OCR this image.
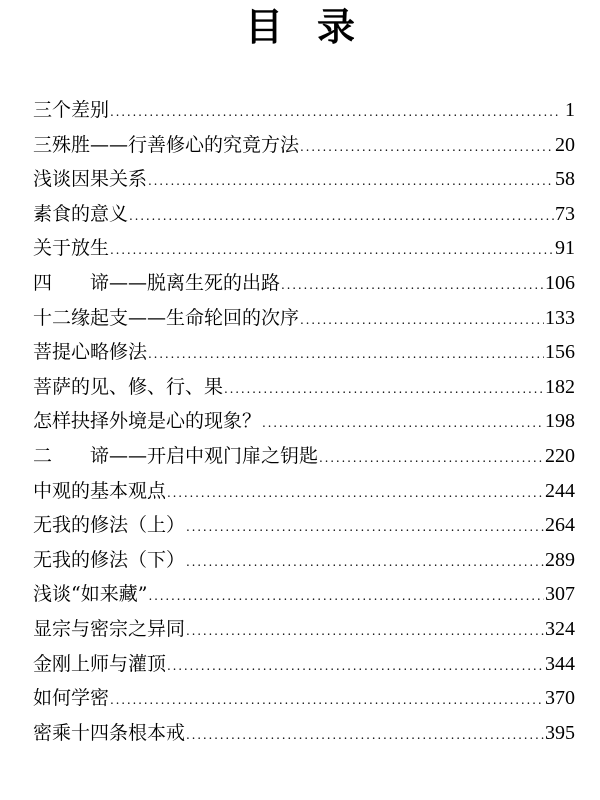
目录
三个差别 . . .	1
三殊胜——行善修心的究竟方法 . . .	20
浅谈因果关系 . . .	58
素食的意义 . . .	73
关于放生 . . .	91
四 谛——脱离生死的出路 . . .	106
十二缘起支——生命轮回的次序 . . .	133
菩提心略修法 . . .	156
菩萨的见、修、行、果 . . .	182
怎样抉择外境是心的现象？ . . .	198
二 谛——开启中观门扉之钥匙 . . .	220
中观的基本观点 . . .	244
无我的修法（上） . . .	264
无我的修法（下） . . .	289
浅谈“如来藏” . . .	307
显宗与密宗之异同 . . .	324
金刚上师与灌顶 . . .	344
如何学密 . . .	370
密乘十四条根本戒 . . .	395
